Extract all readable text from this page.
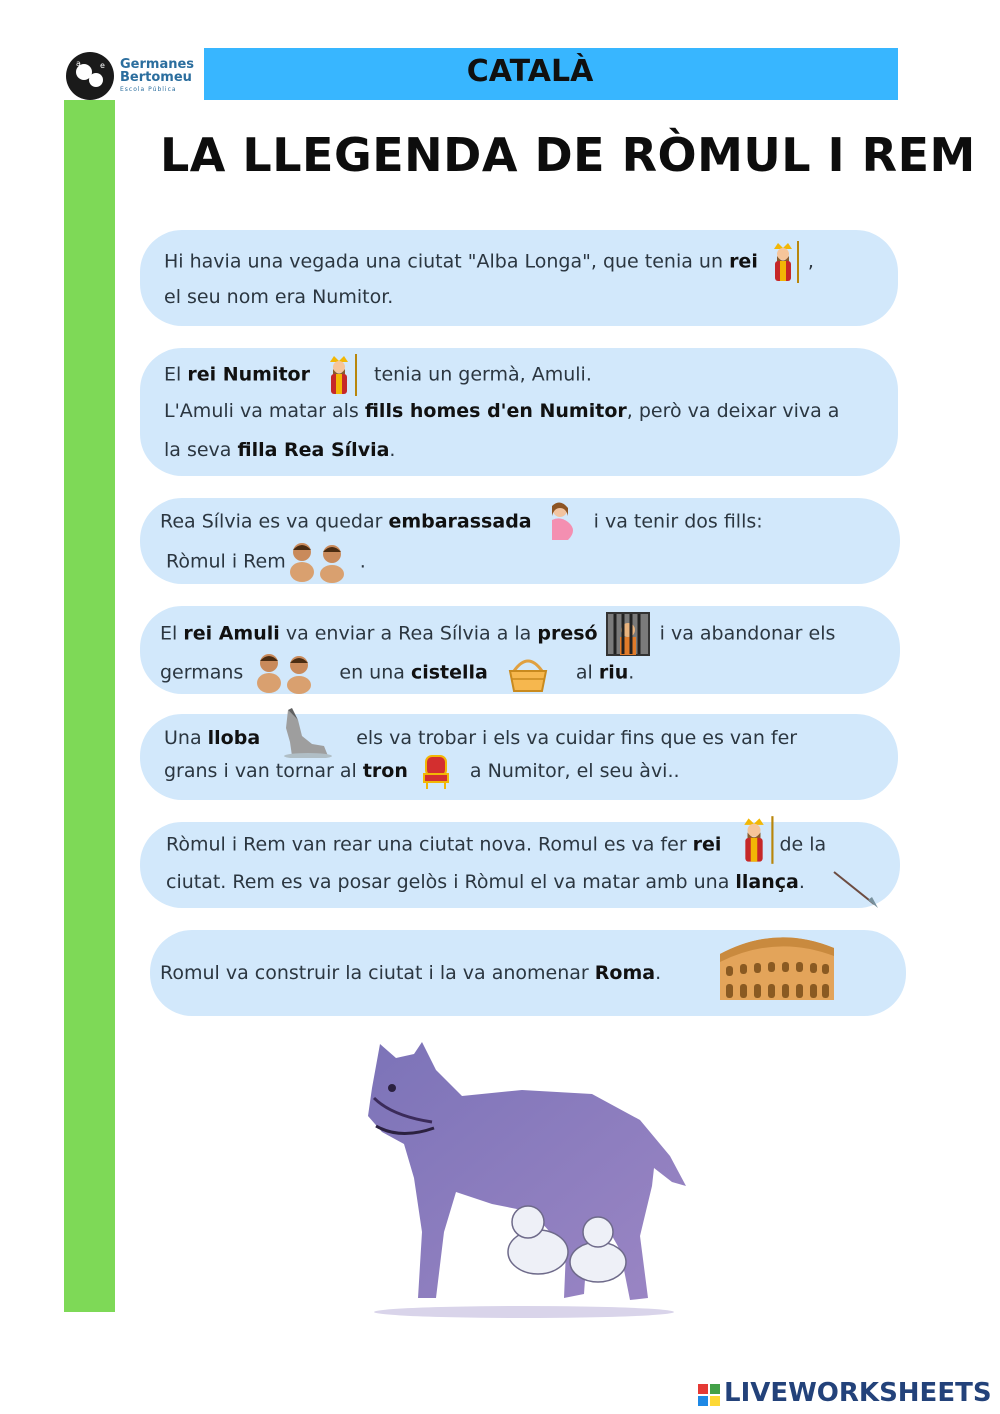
a e Germanes
Bertomeu
Escola Pública
CATALÀ
LA LLEGENDA DE RÒMUL I REM

Hi havia una vegada una ciutat "Alba Longa", que tenia un rei	,

el seu nom era Numitor.

El rei Numitor	tenia un germà, Amuli.

L'Amuli va matar als fills homes d'en Numitor, però va deixar viva a

la seva filla Rea Sílvia.

Rea Sílvia es va quedar embarassada	i va tenir dos fills:

Ròmul i Rem	.

El rei Amuli va enviar a Rea Sílvia a la presó	i va abandonar els

germans	en una cistella	al riu.

Una lloba	els va trobar i els va cuidar fins que es van fer

grans i van tornar al tron	a Numitor, el seu àvi..

Ròmul i Rem van rear una ciutat nova. Romul es va fer rei	de la

ciutat. Rem es va posar gelòs i Ròmul el va matar amb una llança.

Romul va construir la ciutat i la va anomenar Roma.

LIVEWORKSHEETS
